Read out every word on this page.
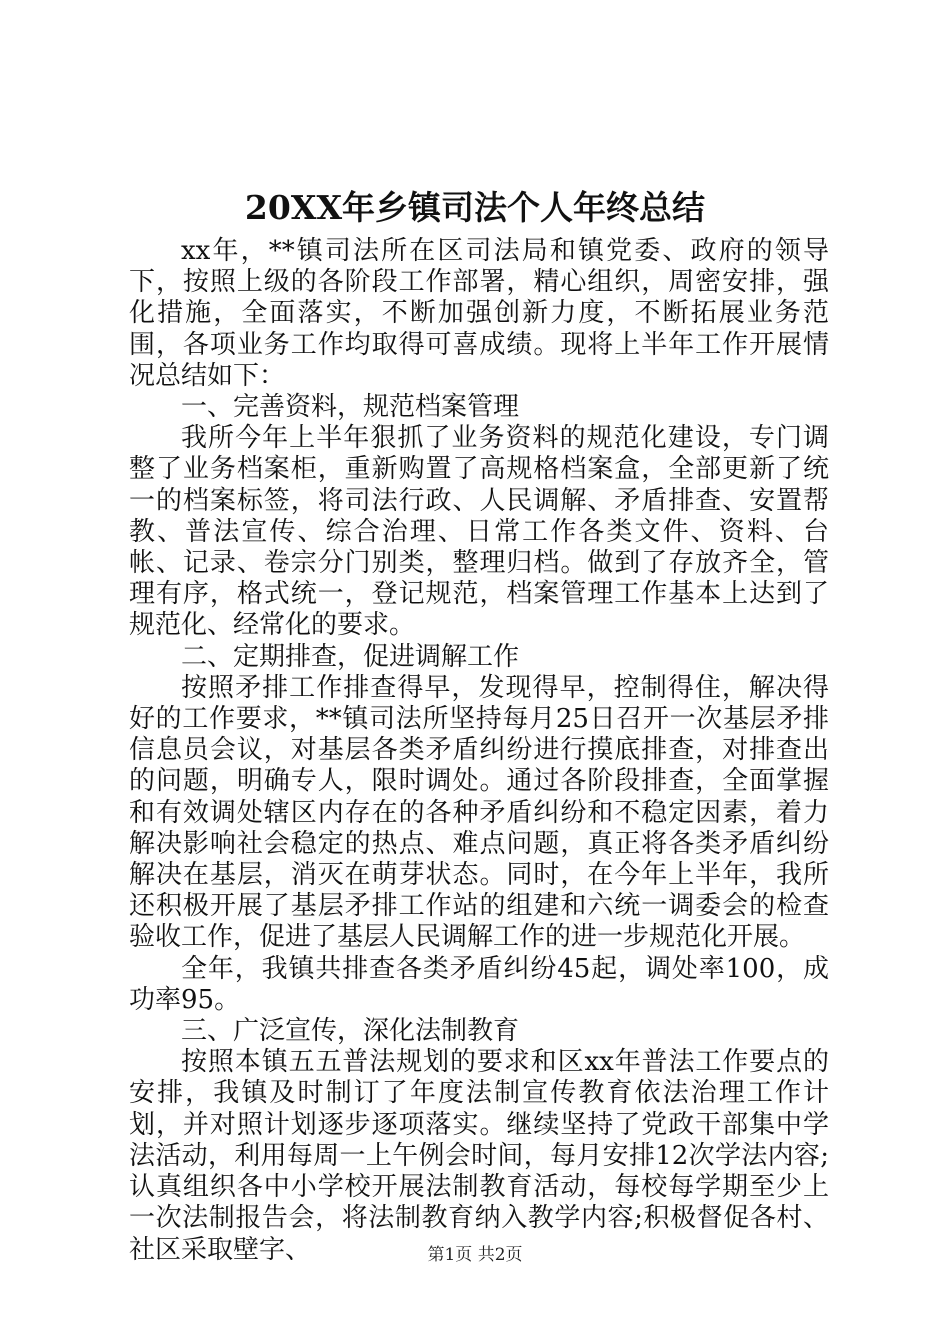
20XX年乡镇司法个人年终总结

xx年，**镇司法所在区司法局和镇党委、政府的领导下，按照上级的各阶段工作部署，精心组织，周密安排，强化措施，全面落实，不断加强创新力度，不断拓展业务范围，各项业务工作均取得可喜成绩。现将上半年工作开展情况总结如下：

一、完善资料，规范档案管理

我所今年上半年狠抓了业务资料的规范化建设，专门调整了业务档案柜，重新购置了高规格档案盒，全部更新了统一的档案标签，将司法行政、人民调解、矛盾排查、安置帮教、普法宣传、综合治理、日常工作各类文件、资料、台帐、记录、卷宗分门别类，整理归档。做到了存放齐全，管理有序，格式统一，登记规范，档案管理工作基本上达到了规范化、经常化的要求。

二、定期排查，促进调解工作

按照矛排工作排查得早，发现得早，控制得住，解决得好的工作要求，**镇司法所坚持每月25日召开一次基层矛排信息员会议，对基层各类矛盾纠纷进行摸底排查，对排查出的问题，明确专人，限时调处。通过各阶段排查，全面掌握和有效调处辖区内存在的各种矛盾纠纷和不稳定因素，着力解决影响社会稳定的热点、难点问题，真正将各类矛盾纠纷解决在基层，消灭在萌芽状态。同时，在今年上半年，我所还积极开展了基层矛排工作站的组建和六统一调委会的检查验收工作，促进了基层人民调解工作的进一步规范化开展。

全年，我镇共排查各类矛盾纠纷45起，调处率100，成功率95。

三、广泛宣传，深化法制教育

按照本镇五五普法规划的要求和区xx年普法工作要点的安排，我镇及时制订了年度法制宣传教育依法治理工作计划，并对照计划逐步逐项落实。继续坚持了党政干部集中学法活动，利用每周一上午例会时间，每月安排12次学法内容;认真组织各中小学校开展法制教育活动，每校每学期至少上一次法制报告会，将法制教育纳入教学内容;积极督促各村、社区采取壁字、	第1页 共2页
